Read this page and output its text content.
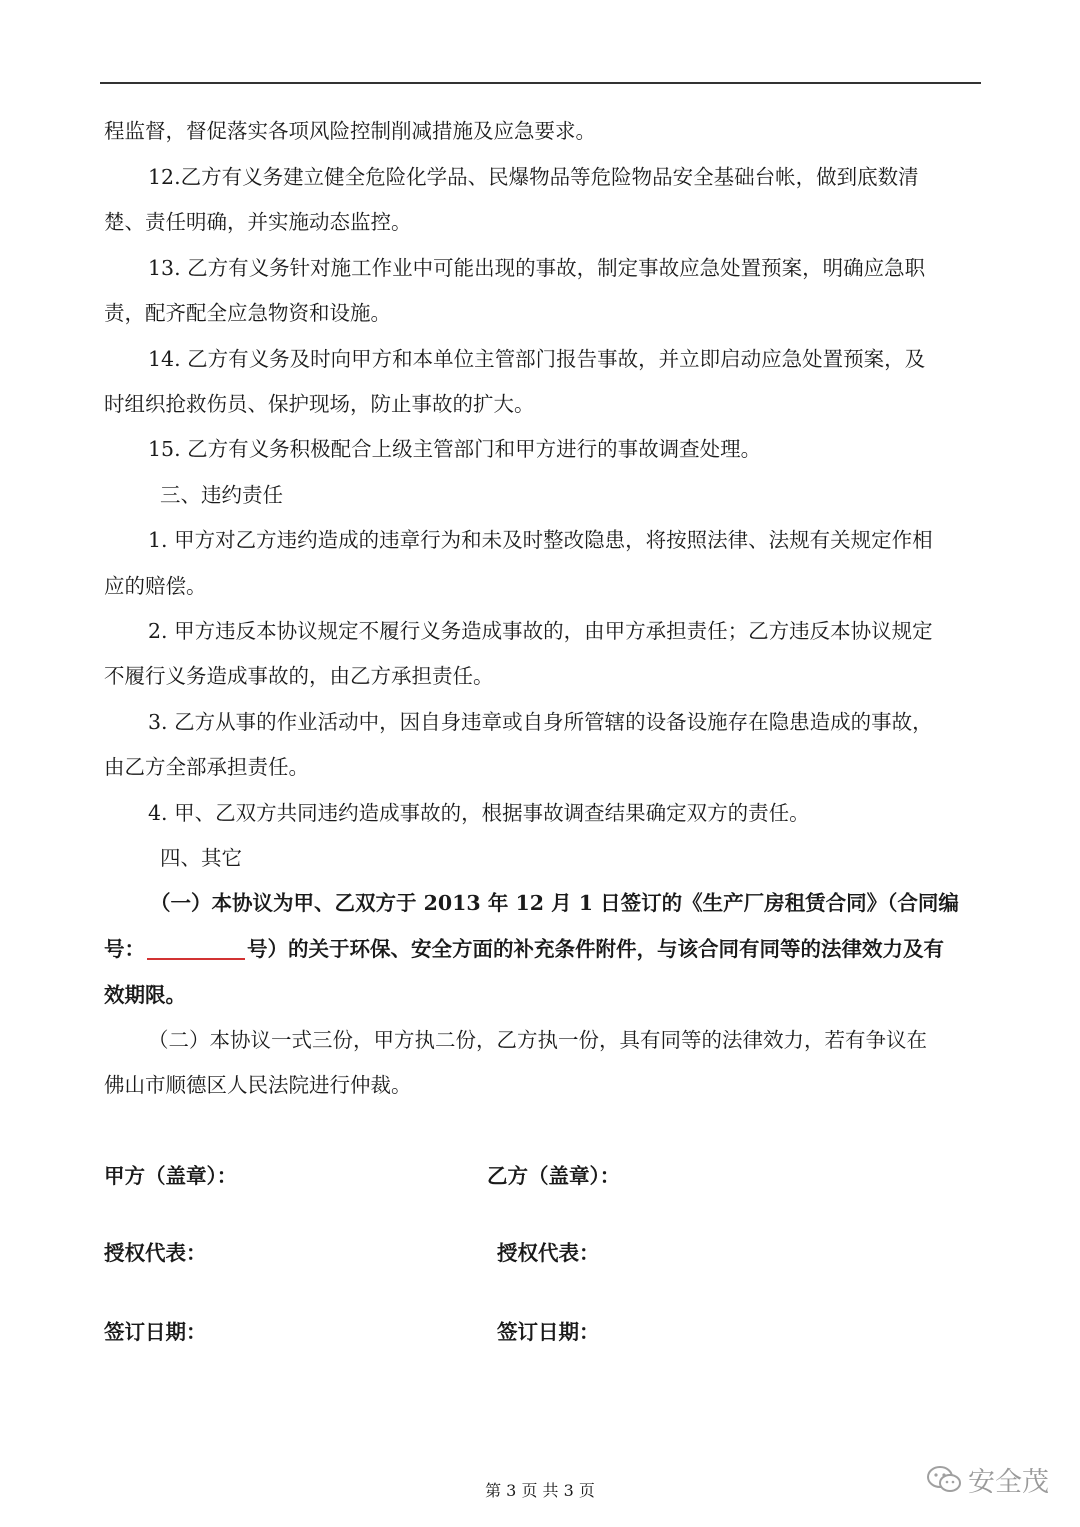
程监督，督促落实各项风险控制削减措施及应急要求。
12.乙方有义务建立健全危险化学品、民爆物品等危险物品安全基础台帐，做到底数清
楚、责任明确，并实施动态监控。
13. 乙方有义务针对施工作业中可能出现的事故，制定事故应急处置预案，明确应急职
责，配齐配全应急物资和设施。
14. 乙方有义务及时向甲方和本单位主管部门报告事故，并立即启动应急处置预案，及
时组织抢救伤员、保护现场，防止事故的扩大。
15. 乙方有义务积极配合上级主管部门和甲方进行的事故调查处理。
三、违约责任
1. 甲方对乙方违约造成的违章行为和未及时整改隐患，将按照法律、法规有关规定作相
应的赔偿。
2. 甲方违反本协议规定不履行义务造成事故的，由甲方承担责任；乙方违反本协议规定
不履行义务造成事故的，由乙方承担责任。
3. 乙方从事的作业活动中，因自身违章或自身所管辖的设备设施存在隐患造成的事故，
由乙方全部承担责任。
4. 甲、乙双方共同违约造成事故的，根据事故调查结果确定双方的责任。
四、其它
（一）本协议为甲、乙双方于 2013 年 12 月 1 日签订的《生产厂房租赁合同》（合同编
号：	号）的关于环保、安全方面的补充条件附件，与该合同有同等的法律效力及有
效期限。
（二）本协议一式三份，甲方执二份，乙方执一份，具有同等的法律效力，若有争议在
佛山市顺德区人民法院进行仲裁。
甲方（盖章）：	乙方（盖章）：
授权代表：	授权代表：
签订日期：	签订日期：
第 3 页 共 3 页	安全茂
